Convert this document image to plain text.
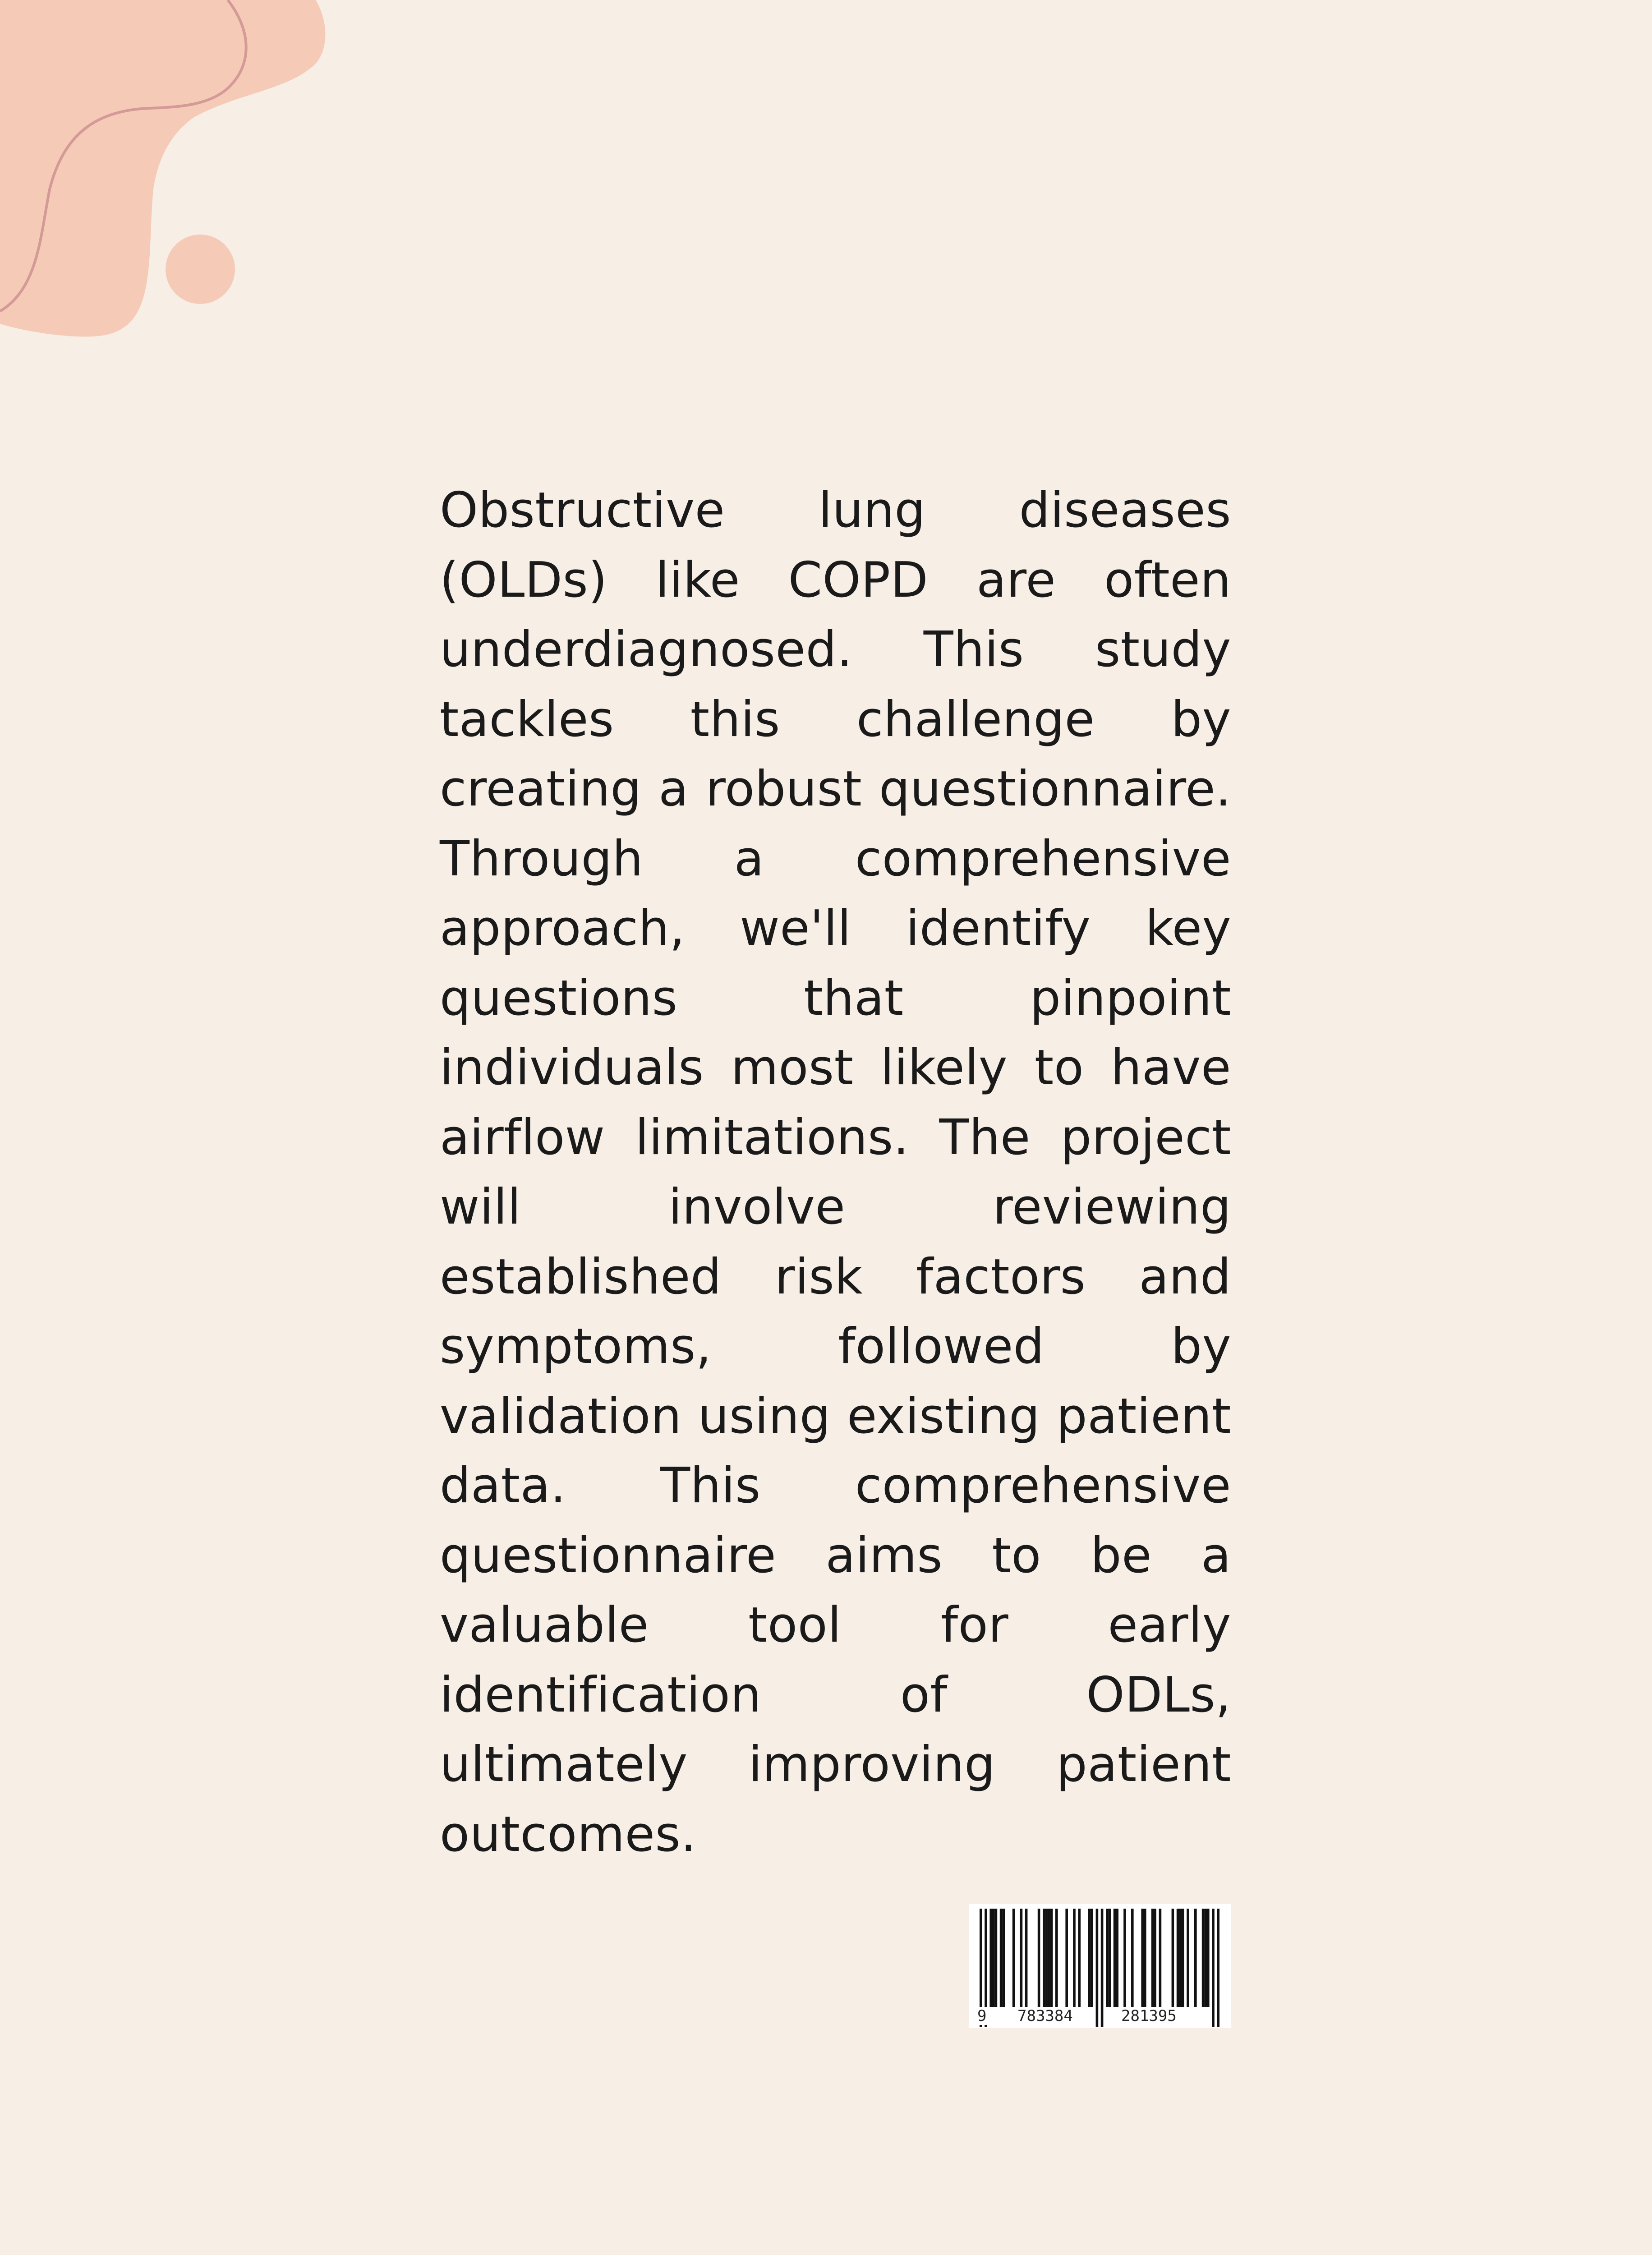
Obstructive lung diseases (OLDs) like COPD are often underdiagnosed. This study tackles this challenge by creating a robust questionnaire. Through a comprehensive approach, we'll identify key questions that pinpoint individuals most likely to have airflow limitations. The project will involve reviewing established risk factors and symptoms, followed by validation using existing patient data. This comprehensive questionnaire aims to be a valuable tool for early identification of ODLs, ultimately improving patient outcomes.

9 783384	281395
